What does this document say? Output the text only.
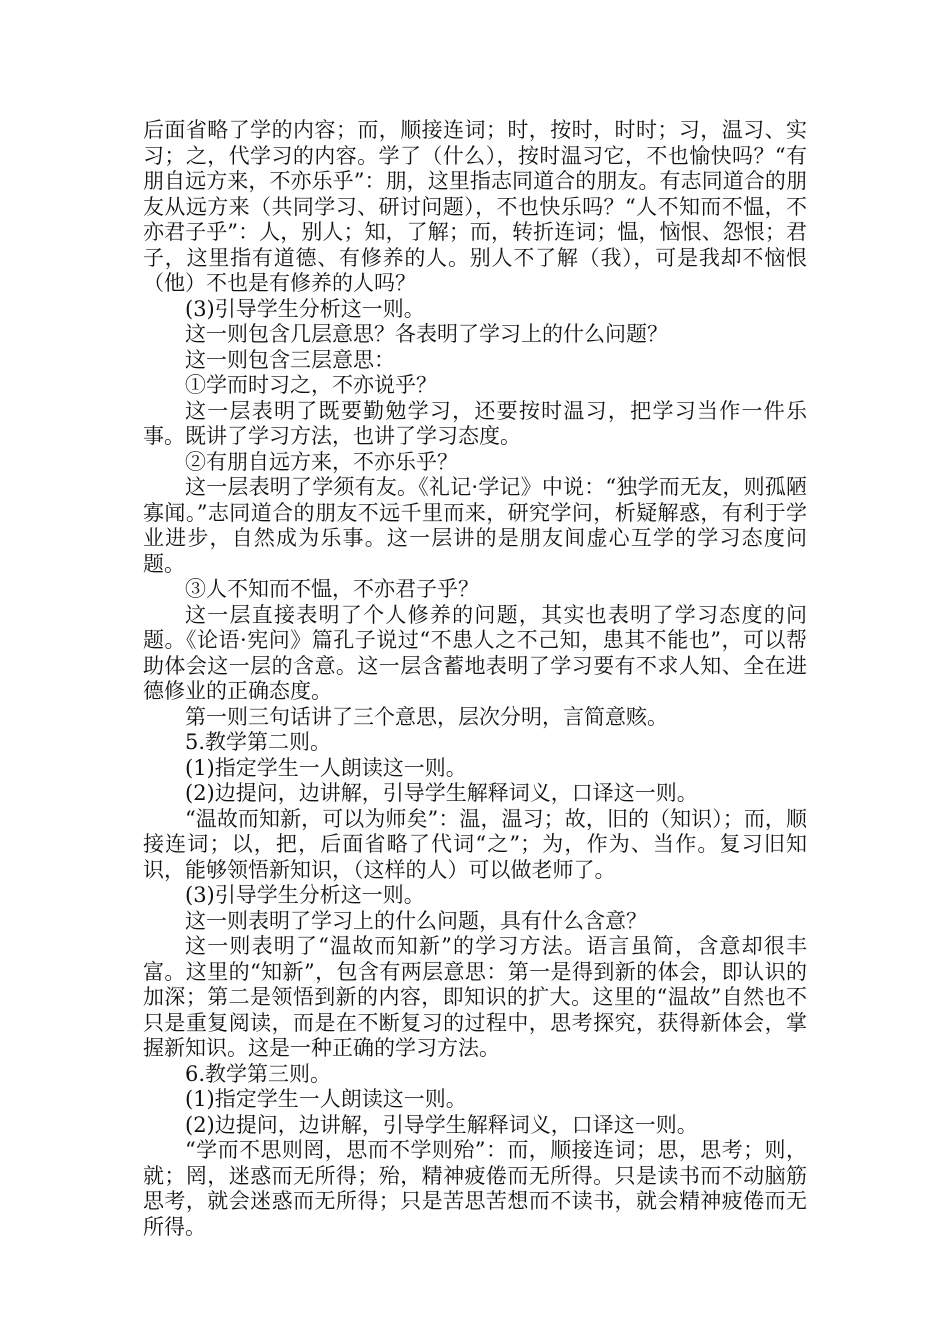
后面省略了学的内容；而，顺接连词；时，按时，时时；习，温习、实习；之，代学习的内容。学了（什么），按时温习它，不也愉快吗？“有朋自远方来，不亦乐乎”：朋，这里指志同道合的朋友。有志同道合的朋友从远方来（共同学习、研讨问题），不也快乐吗？“人不知而不愠，不亦君子乎”：人，别人；知，了解；而，转折连词；愠，恼恨、怨恨；君子，这里指有道德、有修养的人。别人不了解（我），可是我却不恼恨（他）不也是有修养的人吗？

(3)引导学生分析这一则。

这一则包含几层意思？各表明了学习上的什么问题？

这一则包含三层意思：

①学而时习之，不亦说乎？

这一层表明了既要勤勉学习，还要按时温习，把学习当作一件乐事。既讲了学习方法，也讲了学习态度。

②有朋自远方来，不亦乐乎？

这一层表明了学须有友。《礼记·学记》中说：“独学而无友，则孤陋寡闻。”志同道合的朋友不远千里而来，研究学问，析疑解惑，有利于学业进步，自然成为乐事。这一层讲的是朋友间虚心互学的学习态度问题。

③人不知而不愠，不亦君子乎？

这一层直接表明了个人修养的问题，其实也表明了学习态度的问题。《论语·宪问》篇孔子说过“不患人之不己知，患其不能也”，可以帮助体会这一层的含意。这一层含蓄地表明了学习要有不求人知、全在进德修业的正确态度。

第一则三句话讲了三个意思，层次分明，言简意赅。

5.教学第二则。

(1)指定学生一人朗读这一则。

(2)边提问，边讲解，引导学生解释词义，口译这一则。

“温故而知新，可以为师矣”：温，温习；故，旧的（知识）；而，顺接连词；以，把，后面省略了代词“之”；为，作为、当作。复习旧知识，能够领悟新知识，（这样的人）可以做老师了。

(3)引导学生分析这一则。

这一则表明了学习上的什么问题，具有什么含意？

这一则表明了“温故而知新”的学习方法。语言虽简，含意却很丰富。这里的“知新”，包含有两层意思：第一是得到新的体会，即认识的加深；第二是领悟到新的内容，即知识的扩大。这里的“温故”自然也不只是重复阅读，而是在不断复习的过程中，思考探究，获得新体会，掌握新知识。这是一种正确的学习方法。

6.教学第三则。

(1)指定学生一人朗读这一则。

(2)边提问，边讲解，引导学生解释词义，口译这一则。

“学而不思则罔，思而不学则殆”：而，顺接连词；思，思考；则，就；罔，迷惑而无所得；殆，精神疲倦而无所得。只是读书而不动脑筋思考，就会迷惑而无所得；只是苦思苦想而不读书，就会精神疲倦而无所得。
